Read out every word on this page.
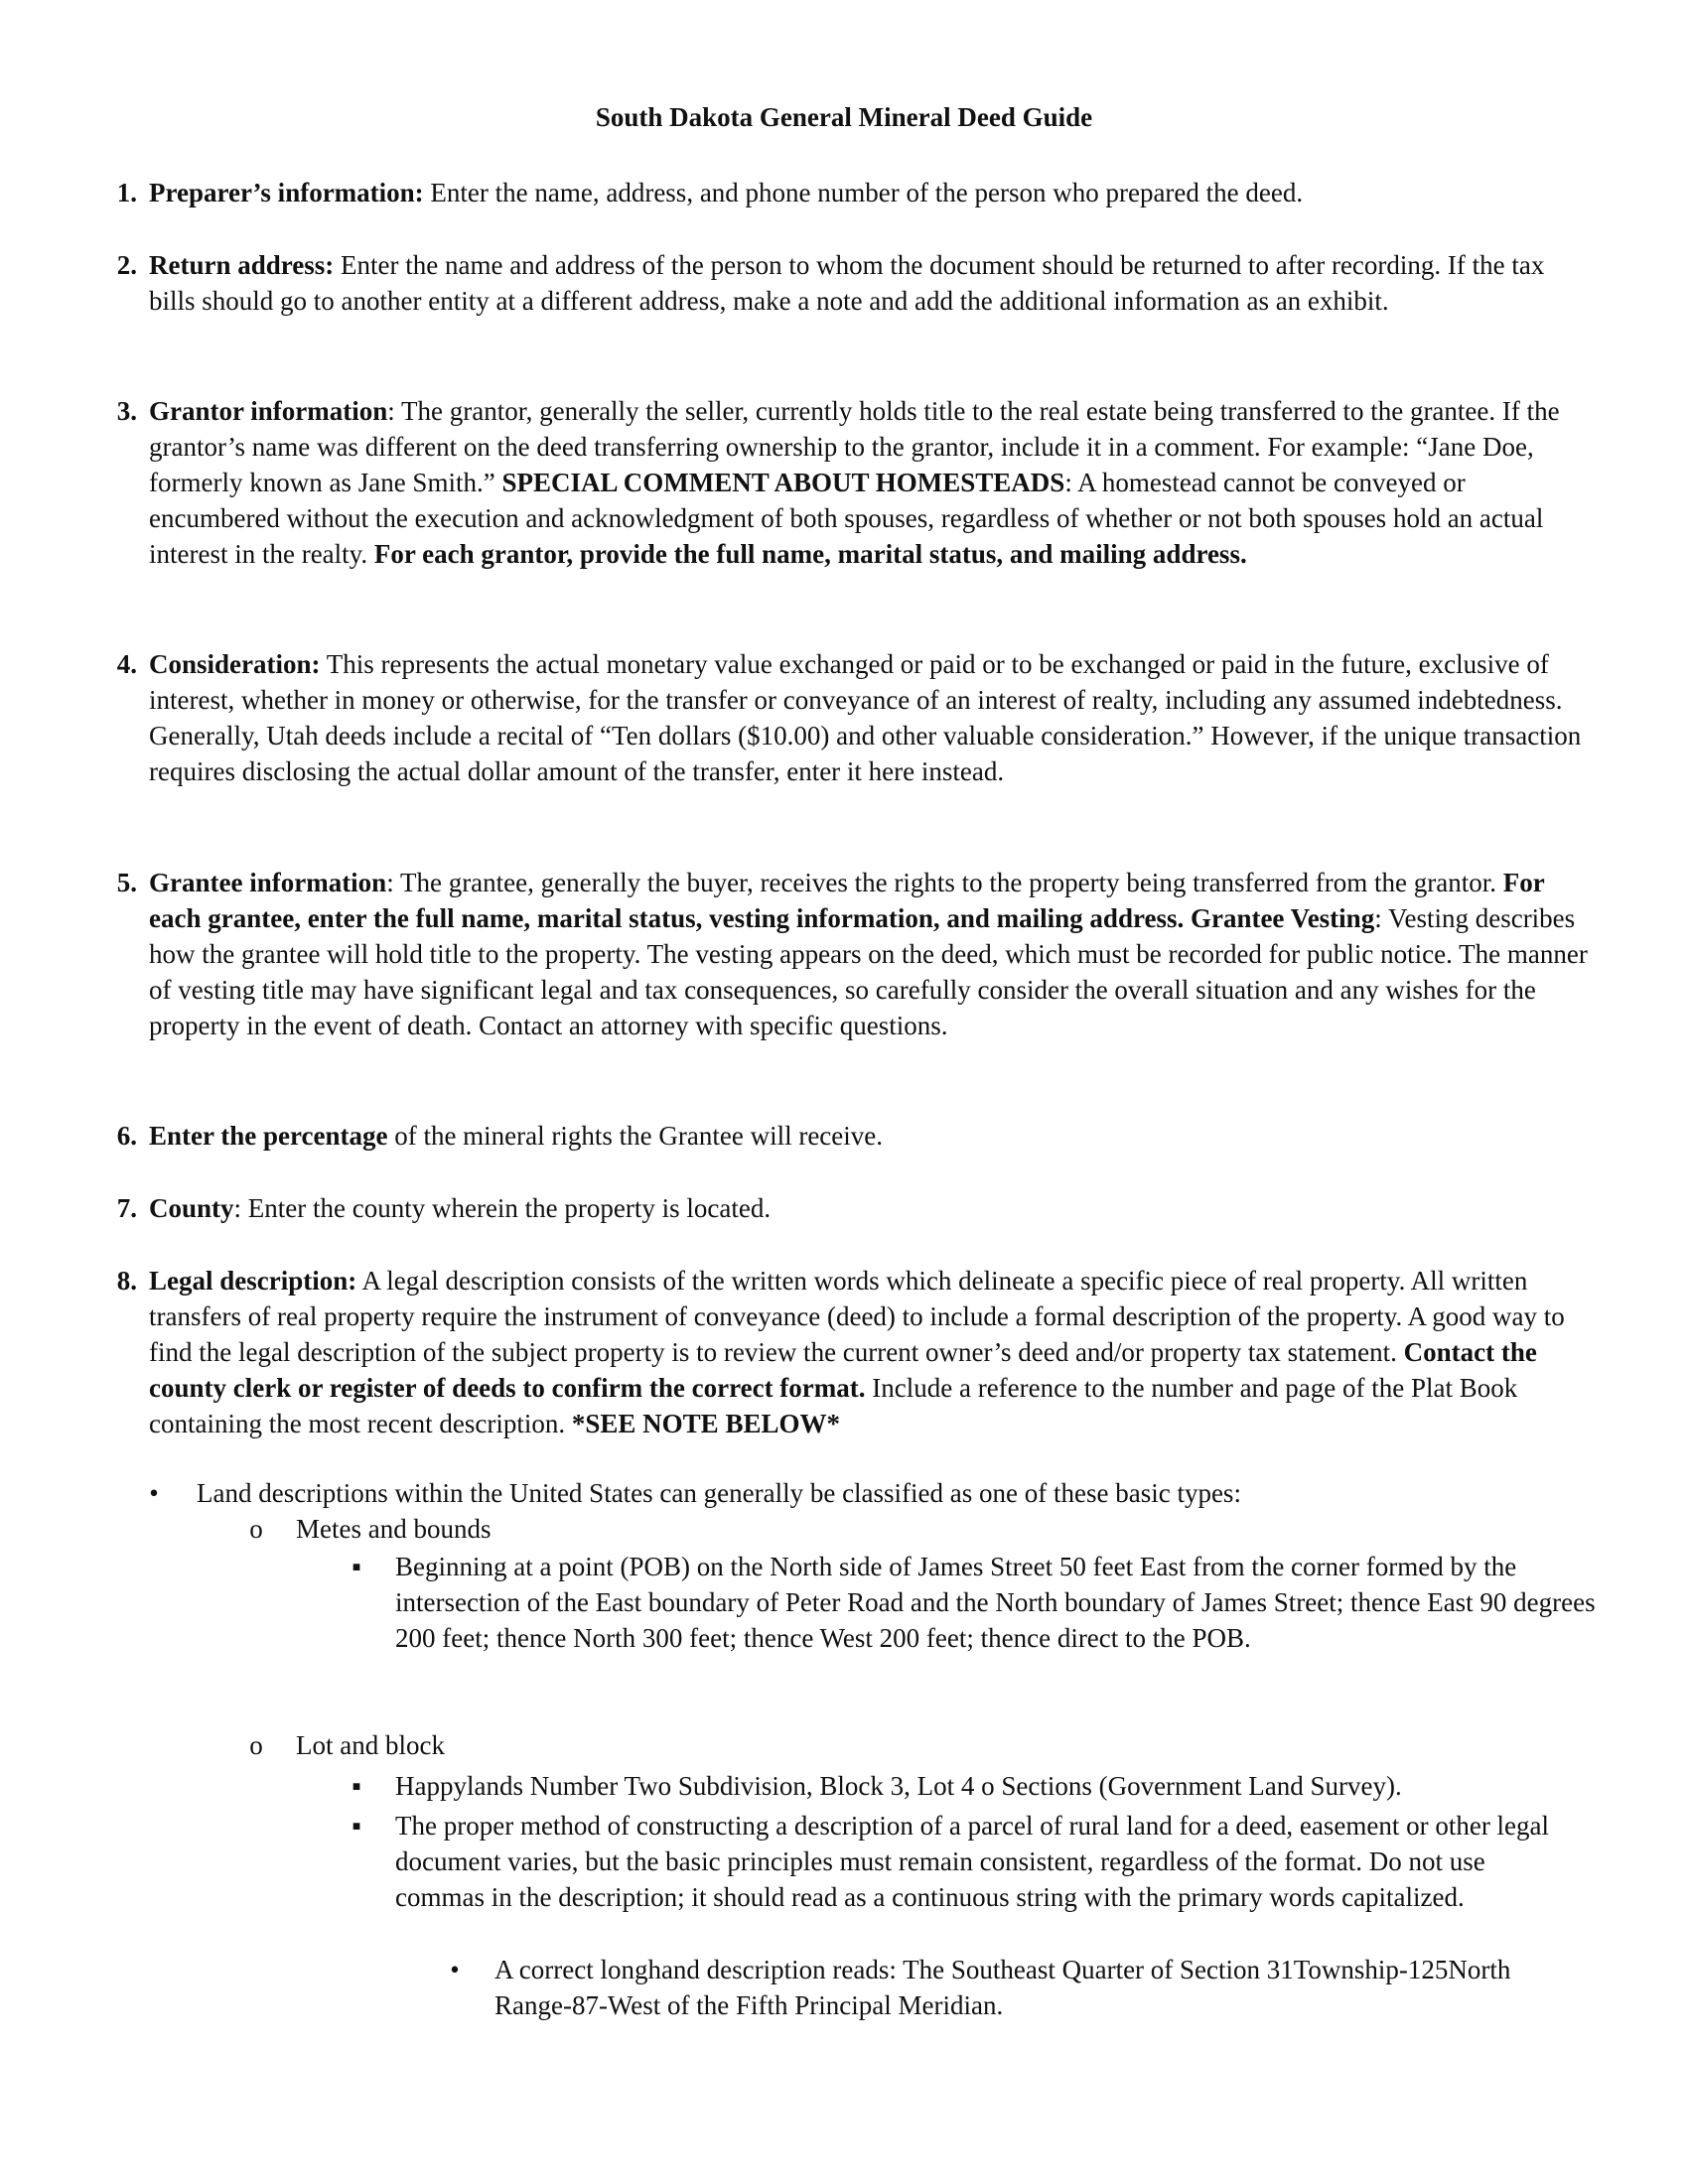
South Dakota General Mineral Deed Guide
1. Preparer’s information: Enter the name, address, and phone number of the person who prepared the deed.
2. Return address: Enter the name and address of the person to whom the document should be returned to after recording. If the tax bills should go to another entity at a different address, make a note and add the additional information as an exhibit.
3. Grantor information: The grantor, generally the seller, currently holds title to the real estate being transferred to the grantee. If the grantor’s name was different on the deed transferring ownership to the grantor, include it in a comment. For example: “Jane Doe, formerly known as Jane Smith.” SPECIAL COMMENT ABOUT HOMESTEADS: A homestead cannot be conveyed or encumbered without the execution and acknowledgment of both spouses, regardless of whether or not both spouses hold an actual interest in the realty. For each grantor, provide the full name, marital status, and mailing address.
4. Consideration: This represents the actual monetary value exchanged or paid or to be exchanged or paid in the future, exclusive of interest, whether in money or otherwise, for the transfer or conveyance of an interest of realty, including any assumed indebtedness. Generally, Utah deeds include a recital of “Ten dollars ($10.00) and other valuable consideration.” However, if the unique transaction requires disclosing the actual dollar amount of the transfer, enter it here instead.
5. Grantee information: The grantee, generally the buyer, receives the rights to the property being transferred from the grantor. For each grantee, enter the full name, marital status, vesting information, and mailing address. Grantee Vesting: Vesting describes how the grantee will hold title to the property. The vesting appears on the deed, which must be recorded for public notice. The manner of vesting title may have significant legal and tax consequences, so carefully consider the overall situation and any wishes for the property in the event of death. Contact an attorney with specific questions.
6. Enter the percentage of the mineral rights the Grantee will receive.
7. County: Enter the county wherein the property is located.
8. Legal description: A legal description consists of the written words which delineate a specific piece of real property. All written transfers of real property require the instrument of conveyance (deed) to include a formal description of the property. A good way to find the legal description of the subject property is to review the current owner’s deed and/or property tax statement. Contact the county clerk or register of deeds to confirm the correct format. Include a reference to the number and page of the Plat Book containing the most recent description. *SEE NOTE BELOW*
•	Land descriptions within the United States can generally be classified as one of these basic types:
o	Metes and bounds
▪	Beginning at a point (POB) on the North side of James Street 50 feet East from the corner formed by the intersection of the East boundary of Peter Road and the North boundary of James Street; thence East 90 degrees 200 feet; thence North 300 feet; thence West 200 feet; thence direct to the POB.
o	Lot and block
▪	Happylands Number Two Subdivision, Block 3, Lot 4 o Sections (Government Land Survey).
▪	The proper method of constructing a description of a parcel of rural land for a deed, easement or other legal document varies, but the basic principles must remain consistent, regardless of the format. Do not use commas in the description; it should read as a continuous string with the primary words capitalized.
•	A correct longhand description reads: The Southeast Quarter of Section 31Township-125North Range-87-West of the Fifth Principal Meridian.
